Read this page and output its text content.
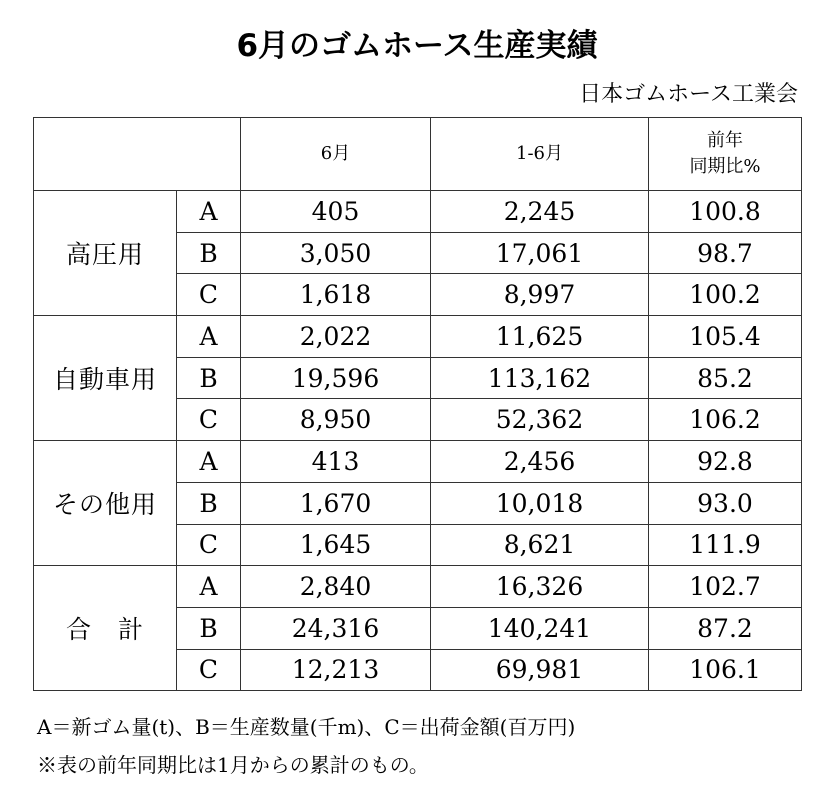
6月のゴムホース生産実績
日本ゴムホース工業会
		6月	1-6月	前年
同期比%

高圧用	A	405	2,245	100.8
	B	3,050	17,061	98.7
	C	1,618	8,997	100.2
自動車用	A	2,022	11,625	105.4
	B	19,596	113,162	85.2
	C	8,950	52,362	106.2
その他用	A	413	2,456	92.8
	B	1,670	10,018	93.0
	C	1,645	8,621	111.9
合　計	A	2,840	16,326	102.7
	B	24,316	140,241	87.2
	C	12,213	69,981	106.1
A＝新ゴム量(t)、B＝生産数量(千m)、C＝出荷金額(百万円)
※表の前年同期比は1月からの累計のもの。
